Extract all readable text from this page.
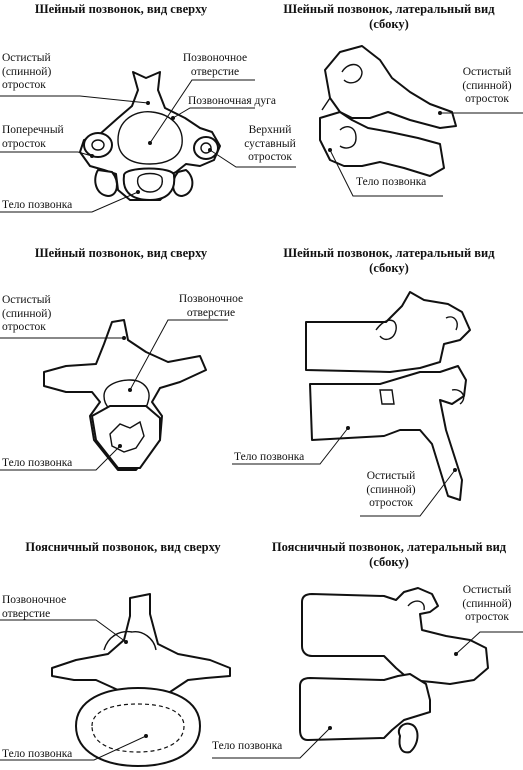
Шейный позвонок, вид сверху
Остистый
(спинной)
отросток
Позвоночное
отверстие
Позвоночная дуга
Поперечный
отросток
Верхний
суставный
отросток
Тело позвонка
Шейный позвонок, латеральный вид
(сбоку)
Остистый
(спинной)
отросток
Тело позвонка
Шейный позвонок, вид сверху
Остистый
(спинной)
отросток
Позвоночное
отверстие
Тело позвонка
Шейный позвонок, латеральный вид
(сбоку)
Тело позвонка
Остистый
(спинной)
отросток
Поясничный позвонок, вид сверху
Позвоночное
отверстие
Тело позвонка
Поясничный позвонок, латеральный вид
(сбоку)
Остистый
(спинной)
отросток
Тело позвонка
